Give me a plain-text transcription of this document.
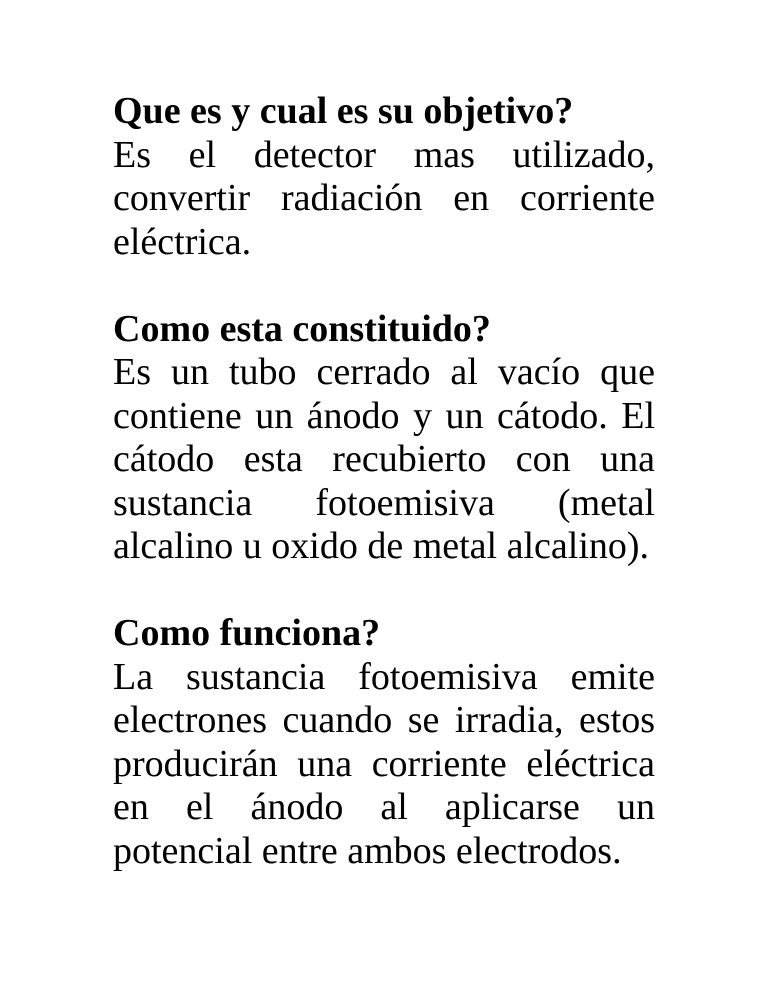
Que es y cual es su objetivo?

Es el detector mas utilizado, convertir radiación en corriente eléctrica.

Como esta constituido?

Es un tubo cerrado al vacío que contiene un ánodo y un cátodo. El cátodo esta recubierto con una sustancia fotoemisiva (metal alcalino u oxido de metal alcalino).

Como funciona?

La sustancia fotoemisiva emite electrones cuando se irradia, estos producirán una corriente eléctrica en el ánodo al aplicarse un potencial entre ambos electrodos.
